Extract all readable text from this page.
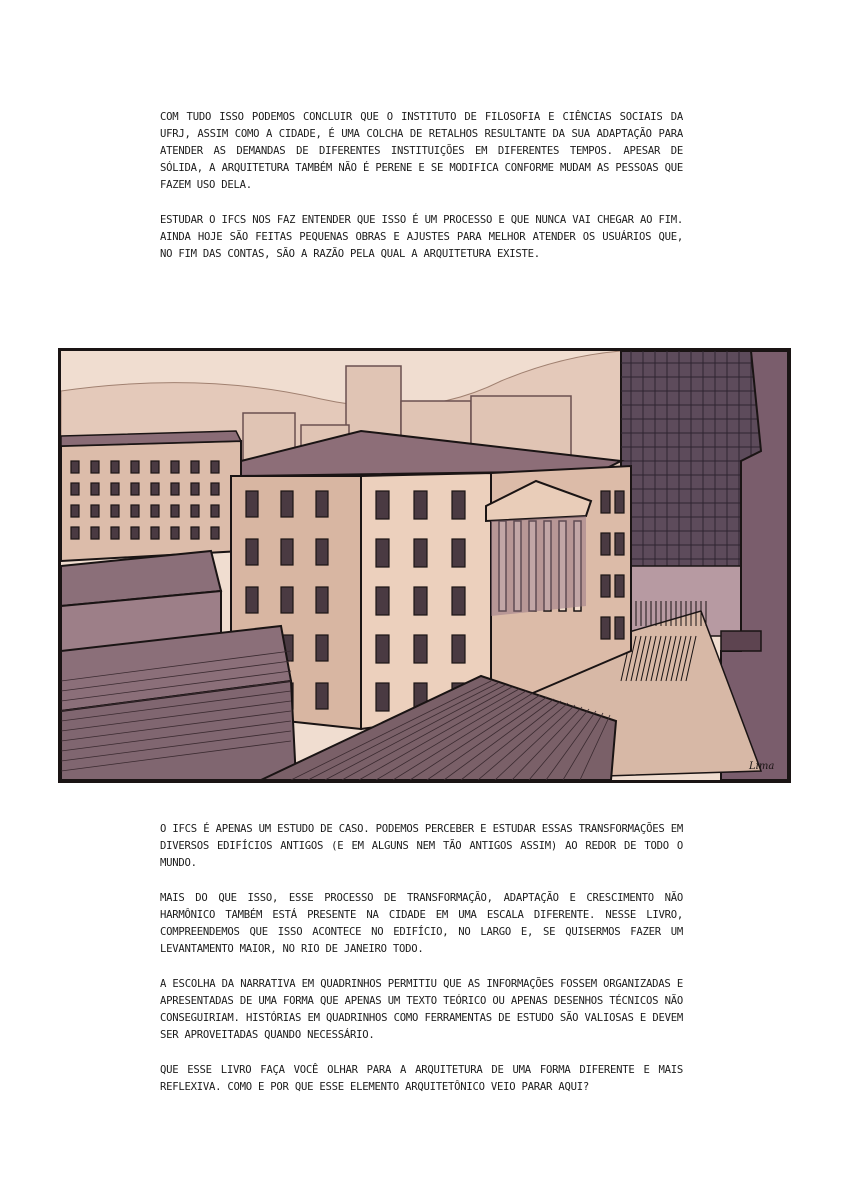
COM TUDO ISSO PODEMOS CONCLUIR QUE O INSTITUTO DE FILOSOFIA E CIÊNCIAS SOCIAIS DA UFRJ, ASSIM COMO A CIDADE, É UMA COLCHA DE RETALHOS RESULTANTE DA SUA ADAPTAÇÃO PARA ATENDER AS DEMANDAS DE DIFERENTES INSTITUIÇÕES EM DIFERENTES TEMPOS. APESAR DE SÓLIDA, A ARQUITETURA TAMBÉM NÃO É PERENE E SE MODIFICA CONFORME MUDAM AS PESSOAS QUE FAZEM USO DELA.

ESTUDAR O IFCS NOS FAZ ENTENDER QUE ISSO É UM PROCESSO E QUE NUNCA VAI CHEGAR AO FIM. AINDA HOJE SÃO FEITAS PEQUENAS OBRAS E AJUSTES PARA MELHOR ATENDER OS USUÁRIOS QUE, NO FIM DAS CONTAS, SÃO A RAZÃO PELA QUAL A ARQUITETURA EXISTE.

Lima

O IFCS É APENAS UM ESTUDO DE CASO. PODEMOS PERCEBER E ESTUDAR ESSAS TRANSFORMAÇÕES EM DIVERSOS EDIFÍCIOS ANTIGOS (E EM ALGUNS NEM TÃO ANTIGOS ASSIM) AO REDOR DE TODO O MUNDO.

MAIS DO QUE ISSO, ESSE PROCESSO DE TRANSFORMAÇÃO, ADAPTAÇÃO E CRESCIMENTO NÃO HARMÔNICO TAMBÉM ESTÁ PRESENTE NA CIDADE EM UMA ESCALA DIFERENTE. NESSE LIVRO, COMPREENDEMOS QUE ISSO ACONTECE NO EDIFÍCIO, NO LARGO E, SE QUISERMOS FAZER UM LEVANTAMENTO MAIOR, NO RIO DE JANEIRO TODO.

A ESCOLHA DA NARRATIVA EM QUADRINHOS PERMITIU QUE AS INFORMAÇÕES FOSSEM ORGANIZADAS E APRESENTADAS DE UMA FORMA QUE APENAS UM TEXTO TEÓRICO OU APENAS DESENHOS TÉCNICOS NÃO CONSEGUIRIAM. HISTÓRIAS EM QUADRINHOS COMO FERRAMENTAS DE ESTUDO SÃO VALIOSAS E DEVEM SER APROVEITADAS QUANDO NECESSÁRIO.

QUE ESSE LIVRO FAÇA VOCÊ OLHAR PARA A ARQUITETURA DE UMA FORMA DIFERENTE E MAIS REFLEXIVA. COMO E POR QUE ESSE ELEMENTO ARQUITETÔNICO VEIO PARAR AQUI?
